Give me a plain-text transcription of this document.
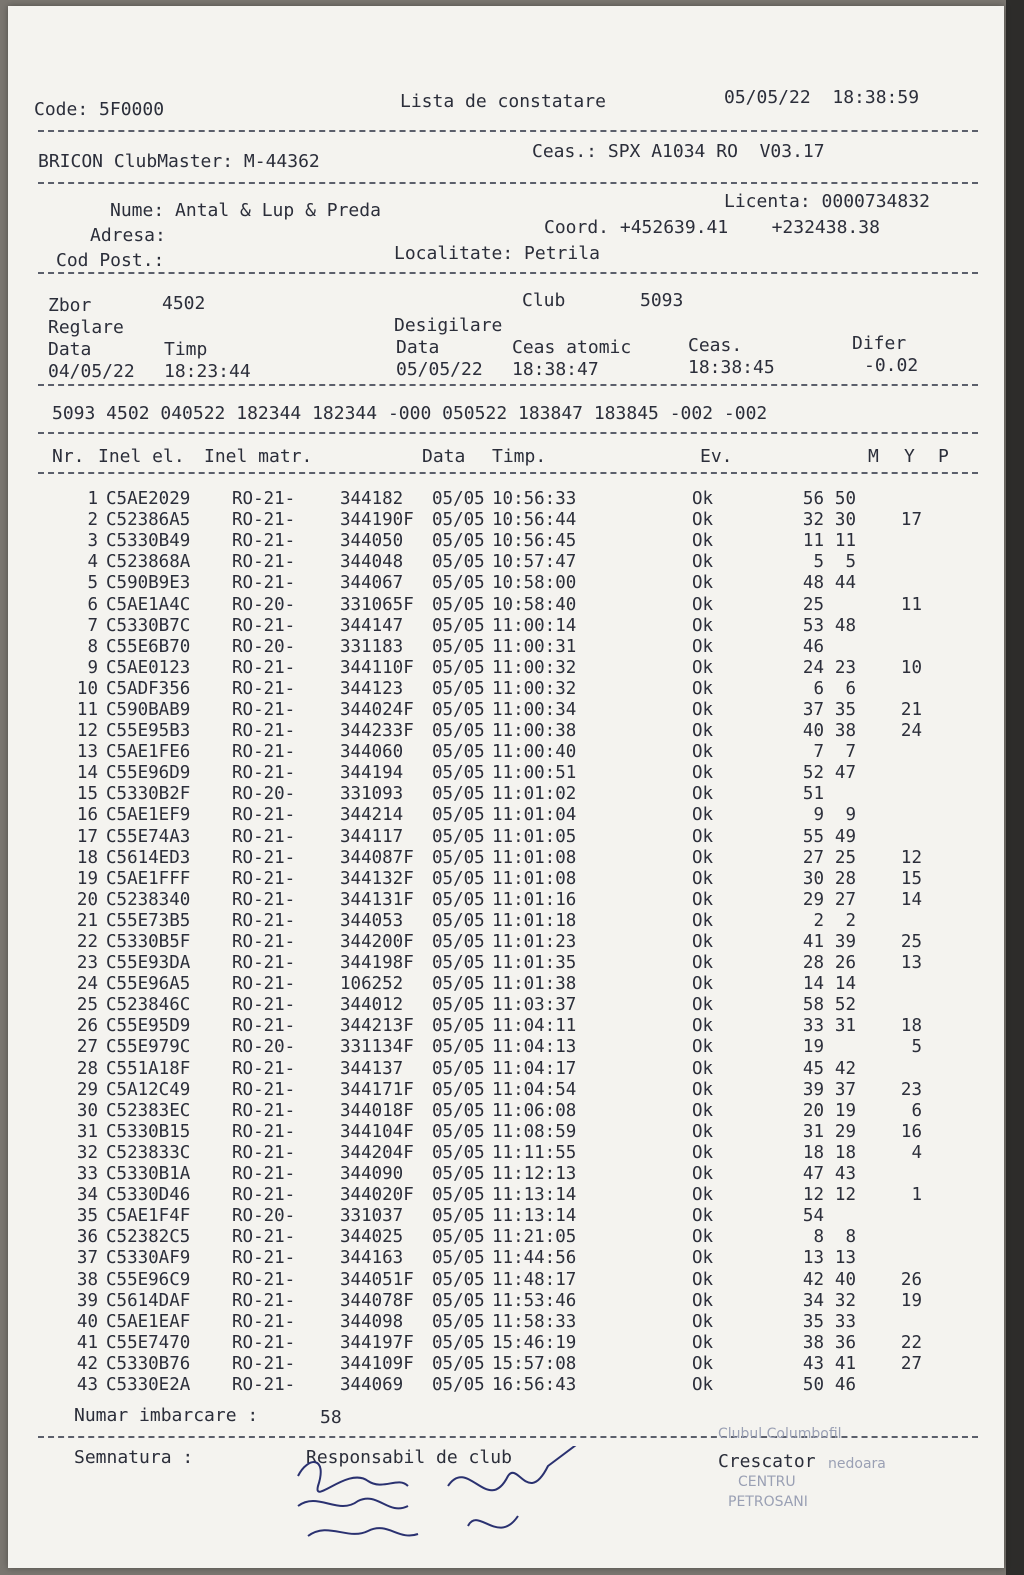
Code: 5F0000	Lista de constatare	05/05/22  18:38:59
BRICON ClubMaster: M-44362	Ceas.: SPX A1034 RO  V03.17
Nume: Antal & Lup & Preda	Licenta: 0000734832
Adresa:	Coord. +452639.41    +232438.38
Cod Post.:	Localitate: Petrila
Zbor	4502	Club	5093
Reglare	Desigilare
Data	Timp	Data	Ceas atomic	Ceas.	Difer
04/05/22 18:23:44	05/05/22 18:38:47	18:38:45	-0.02
5093 4502 040522 182344 182344 -000 050522 183847 183845 -002 -002
Nr. Inel el. Inel matr.	Data Timp.	Ev.	M Y P
1	C5AE2029	RO-21-	344182	05/05	10:56:33	Ok	56	50	
2	C52386A5	RO-21-	344190F	05/05	10:56:44	Ok	32	30	17
3	C5330B49	RO-21-	344050	05/05	10:56:45	Ok	11	11	
4	C523868A	RO-21-	344048	05/05	10:57:47	Ok	5	5	
5	C590B9E3	RO-21-	344067	05/05	10:58:00	Ok	48	44	
6	C5AE1A4C	RO-20-	331065F	05/05	10:58:40	Ok	25		11
7	C5330B7C	RO-21-	344147	05/05	11:00:14	Ok	53	48	
8	C55E6B70	RO-20-	331183	05/05	11:00:31	Ok	46		
9	C5AE0123	RO-21-	344110F	05/05	11:00:32	Ok	24	23	10
10	C5ADF356	RO-21-	344123	05/05	11:00:32	Ok	6	6	
11	C590BAB9	RO-21-	344024F	05/05	11:00:34	Ok	37	35	21
12	C55E95B3	RO-21-	344233F	05/05	11:00:38	Ok	40	38	24
13	C5AE1FE6	RO-21-	344060	05/05	11:00:40	Ok	7	7	
14	C55E96D9	RO-21-	344194	05/05	11:00:51	Ok	52	47	
15	C5330B2F	RO-20-	331093	05/05	11:01:02	Ok	51		
16	C5AE1EF9	RO-21-	344214	05/05	11:01:04	Ok	9	9	
17	C55E74A3	RO-21-	344117	05/05	11:01:05	Ok	55	49	
18	C5614ED3	RO-21-	344087F	05/05	11:01:08	Ok	27	25	12
19	C5AE1FFF	RO-21-	344132F	05/05	11:01:08	Ok	30	28	15
20	C5238340	RO-21-	344131F	05/05	11:01:16	Ok	29	27	14
21	C55E73B5	RO-21-	344053	05/05	11:01:18	Ok	2	2	
22	C5330B5F	RO-21-	344200F	05/05	11:01:23	Ok	41	39	25
23	C55E93DA	RO-21-	344198F	05/05	11:01:35	Ok	28	26	13
24	C55E96A5	RO-21-	106252	05/05	11:01:38	Ok	14	14	
25	C523846C	RO-21-	344012	05/05	11:03:37	Ok	58	52	
26	C55E95D9	RO-21-	344213F	05/05	11:04:11	Ok	33	31	18
27	C55E979C	RO-20-	331134F	05/05	11:04:13	Ok	19		5
28	C551A18F	RO-21-	344137	05/05	11:04:17	Ok	45	42	
29	C5A12C49	RO-21-	344171F	05/05	11:04:54	Ok	39	37	23
30	C52383EC	RO-21-	344018F	05/05	11:06:08	Ok	20	19	6
31	C5330B15	RO-21-	344104F	05/05	11:08:59	Ok	31	29	16
32	C523833C	RO-21-	344204F	05/05	11:11:55	Ok	18	18	4
33	C5330B1A	RO-21-	344090	05/05	11:12:13	Ok	47	43	
34	C5330D46	RO-21-	344020F	05/05	11:13:14	Ok	12	12	1
35	C5AE1F4F	RO-20-	331037	05/05	11:13:14	Ok	54		
36	C52382C5	RO-21-	344025	05/05	11:21:05	Ok	8	8	
37	C5330AF9	RO-21-	344163	05/05	11:44:56	Ok	13	13	
38	C55E96C9	RO-21-	344051F	05/05	11:48:17	Ok	42	40	26
39	C5614DAF	RO-21-	344078F	05/05	11:53:46	Ok	34	32	19
40	C5AE1EAF	RO-21-	344098	05/05	11:58:33	Ok	35	33	
41	C55E7470	RO-21-	344197F	05/05	15:46:19	Ok	38	36	22
42	C5330B76	RO-21-	344109F	05/05	15:57:08	Ok	43	41	27
43	C5330E2A	RO-21-	344069	05/05	16:56:43	Ok	50	46	
Numar imbarcare :	58
Semnatura :	Responsabil de club	Crescator
Clubul Columbofil
nedoara
CENTRU
PETROSANI
